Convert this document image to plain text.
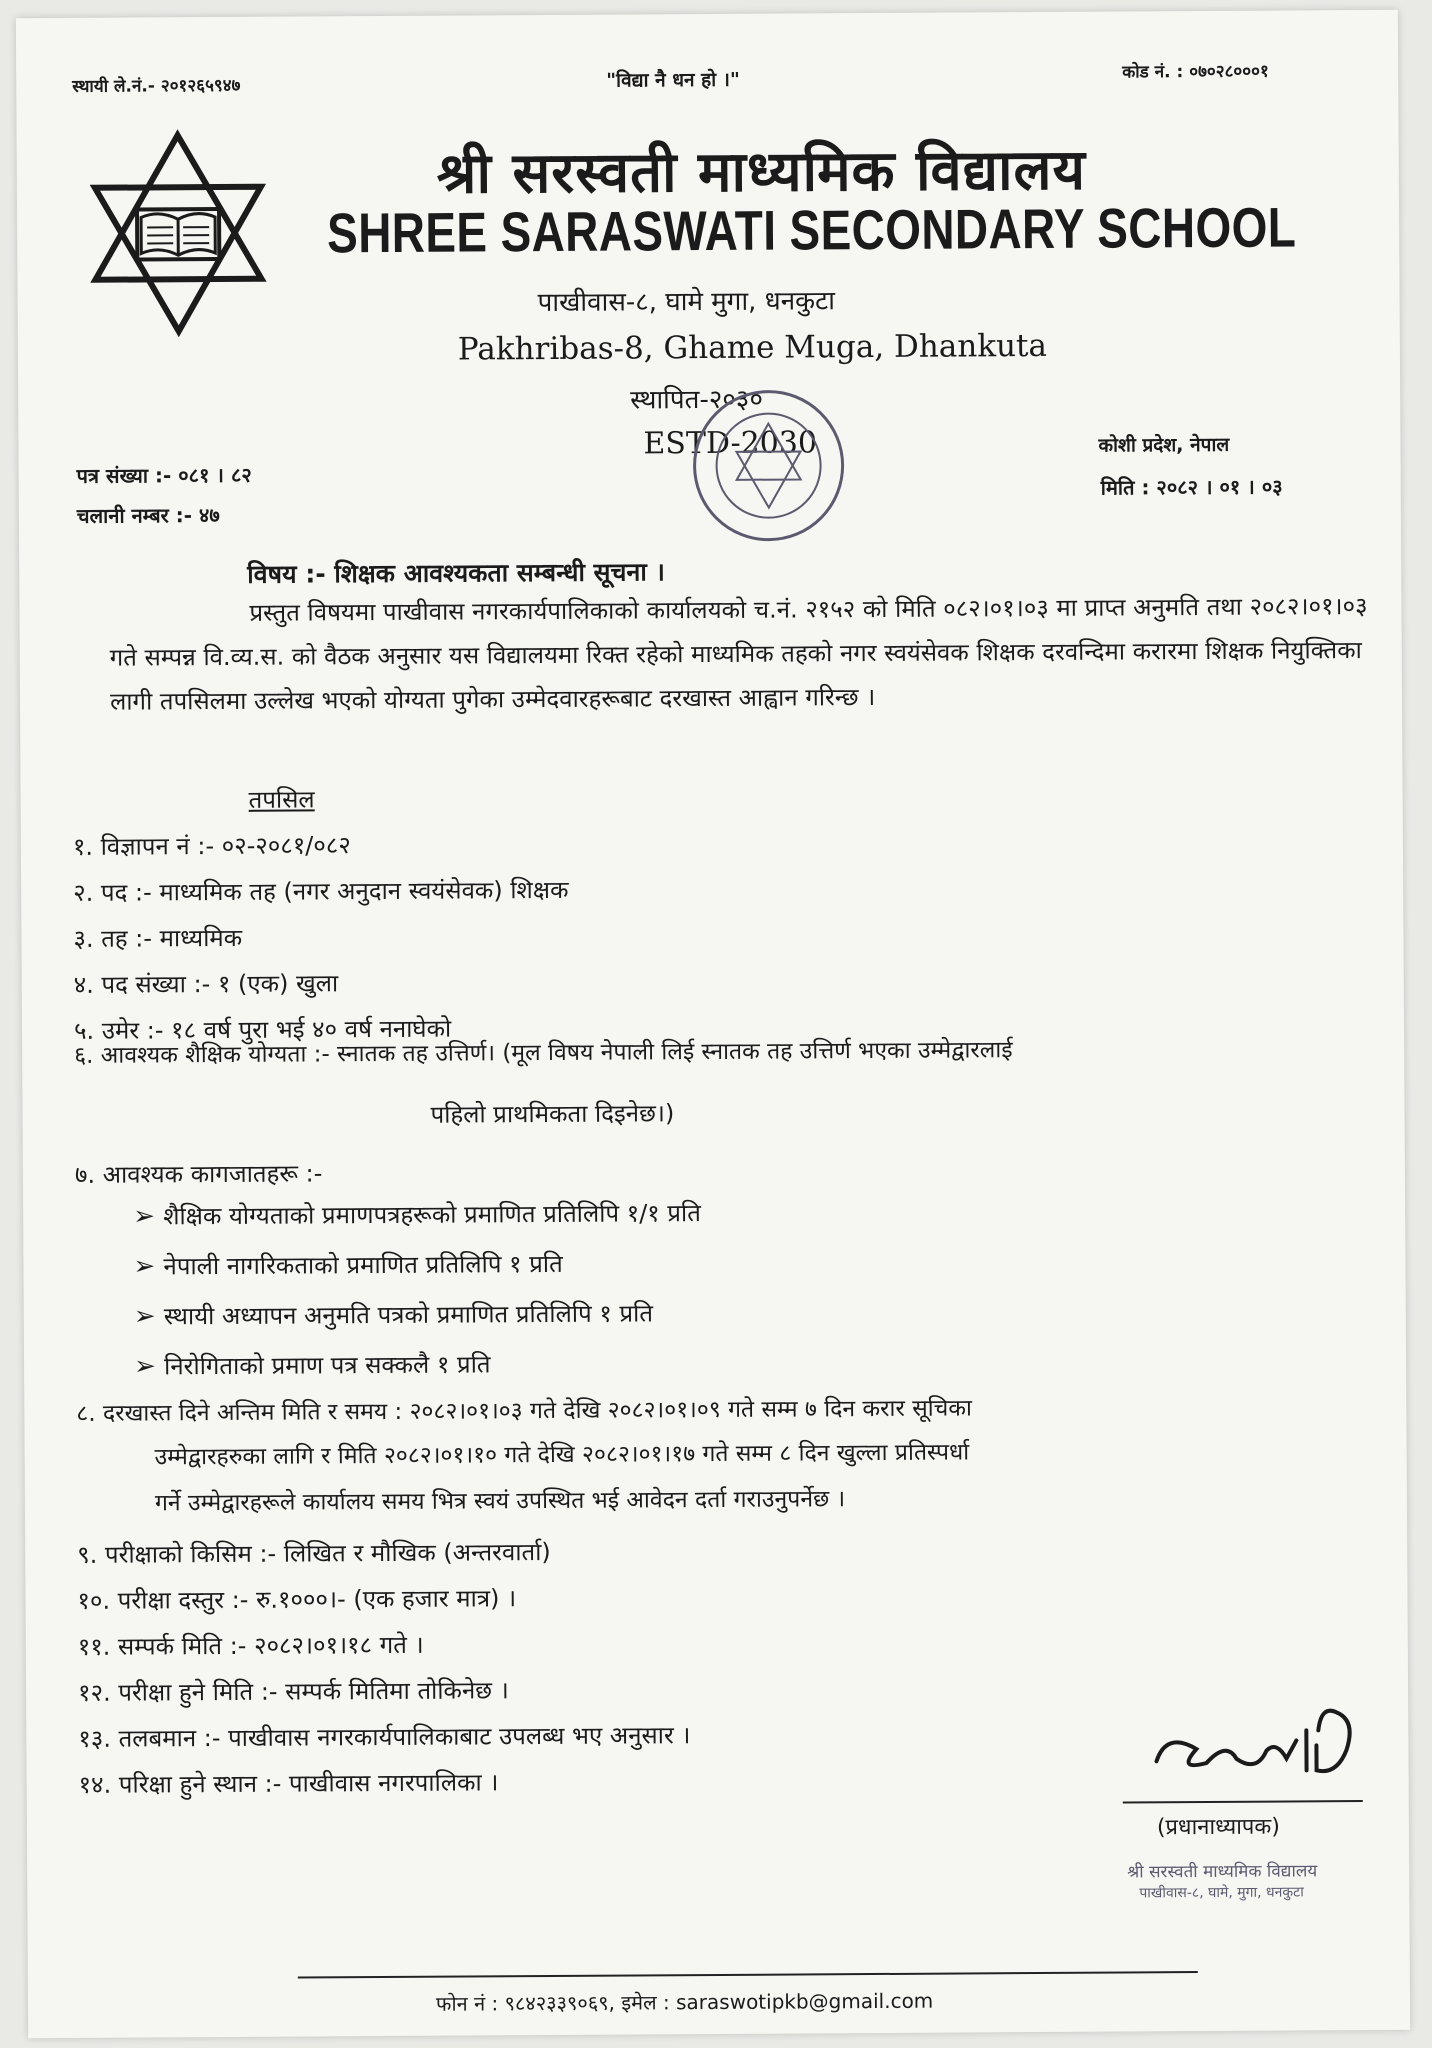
स्थायी ले.नं.- २०१२६५९४७	"विद्या नै धन हो ।"	कोड नं. : ०७०२८०००१
श्री सरस्वती माध्यमिक विद्यालय
SHREE SARASWATI SECONDARY SCHOOL
पाखीवास-८, घामे मुगा, धनकुटा
Pakhribas-8, Ghame Muga, Dhankuta
स्थापित-२०३०
ESTD-2030	कोशी प्रदेश, नेपाल
पत्र संख्या :- ०८१ । ८२
चलानी नम्बर :- ४७
मिति : २०८२ । ०१ । ०३
विषय :- शिक्षक आवश्यकता सम्बन्धी सूचना ।
प्रस्तुत विषयमा पाखीवास नगरकार्यपालिकाको कार्यालयको च.नं. २१५२ को मिति ०८२।०१।०३ मा प्राप्त अनुमति तथा २०८२।०१।०३ गते सम्पन्न वि.व्य.स. को वैठक अनुसार यस विद्यालयमा रिक्त रहेको माध्यमिक तहको नगर स्वयंसेवक शिक्षक दरवन्दिमा करारमा शिक्षक नियुक्तिका लागी तपसिलमा उल्लेख भएको योग्यता पुगेका उम्मेदवारहरूबाट दरखास्त आह्वान गरिन्छ ।
तपसिल
१. विज्ञापन नं :- ०२-२०८१/०८२
२. पद :- माध्यमिक तह (नगर अनुदान स्वयंसेवक) शिक्षक
३. तह :- माध्यमिक
४. पद संख्या :- १ (एक) खुला
५. उमेर :- १८ वर्ष पुरा भई ४० वर्ष ननाघेको
६. आवश्यक शैक्षिक योग्यता :- स्नातक तह उत्तिर्ण। (मूल विषय नेपाली लिई स्नातक तह उत्तिर्ण भएका उम्मेद्वारलाई
पहिलो प्राथमिकता दिइनेछ।)
७. आवश्यक कागजातहरू :-
➢ शैक्षिक योग्यताको प्रमाणपत्रहरूको प्रमाणित प्रतिलिपि १/१ प्रति
➢ नेपाली नागरिकताको प्रमाणित प्रतिलिपि १ प्रति
➢ स्थायी अध्यापन अनुमति पत्रको प्रमाणित प्रतिलिपि १ प्रति
➢ निरोगिताको प्रमाण पत्र सक्कलै १ प्रति
८. दरखास्त दिने अन्तिम मिति र समय : २०८२।०१।०३ गते देखि २०८२।०१।०९ गते सम्म ७ दिन करार सूचिका
उम्मेद्वारहरुका लागि र मिति २०८२।०१।१० गते देखि २०८२।०१।१७ गते सम्म ८ दिन खुल्ला प्रतिस्पर्धा
गर्ने उम्मेद्वारहरूले कार्यालय समय भित्र स्वयं उपस्थित भई आवेदन दर्ता गराउनुपर्नेछ ।
९. परीक्षाको किसिम :- लिखित र मौखिक (अन्तरवार्ता)
१०. परीक्षा दस्तुर :- रु.१०००।- (एक हजार मात्र) ।
११. सम्पर्क मिति :- २०८२।०१।१८ गते ।
१२. परीक्षा हुने मिति :- सम्पर्क मितिमा तोकिनेछ ।
१३. तलबमान :- पाखीवास नगरकार्यपालिकाबाट उपलब्ध भए अनुसार ।
१४. परिक्षा हुने स्थान :- पाखीवास नगरपालिका ।
(प्रधानाध्यापक)
श्री सरस्वती माध्यमिक विद्यालय
पाखीवास-८, घामे, मुगा, धनकुटा
फोन नं : ९८४२३३९०६९, इमेल : saraswotipkb@gmail.com
